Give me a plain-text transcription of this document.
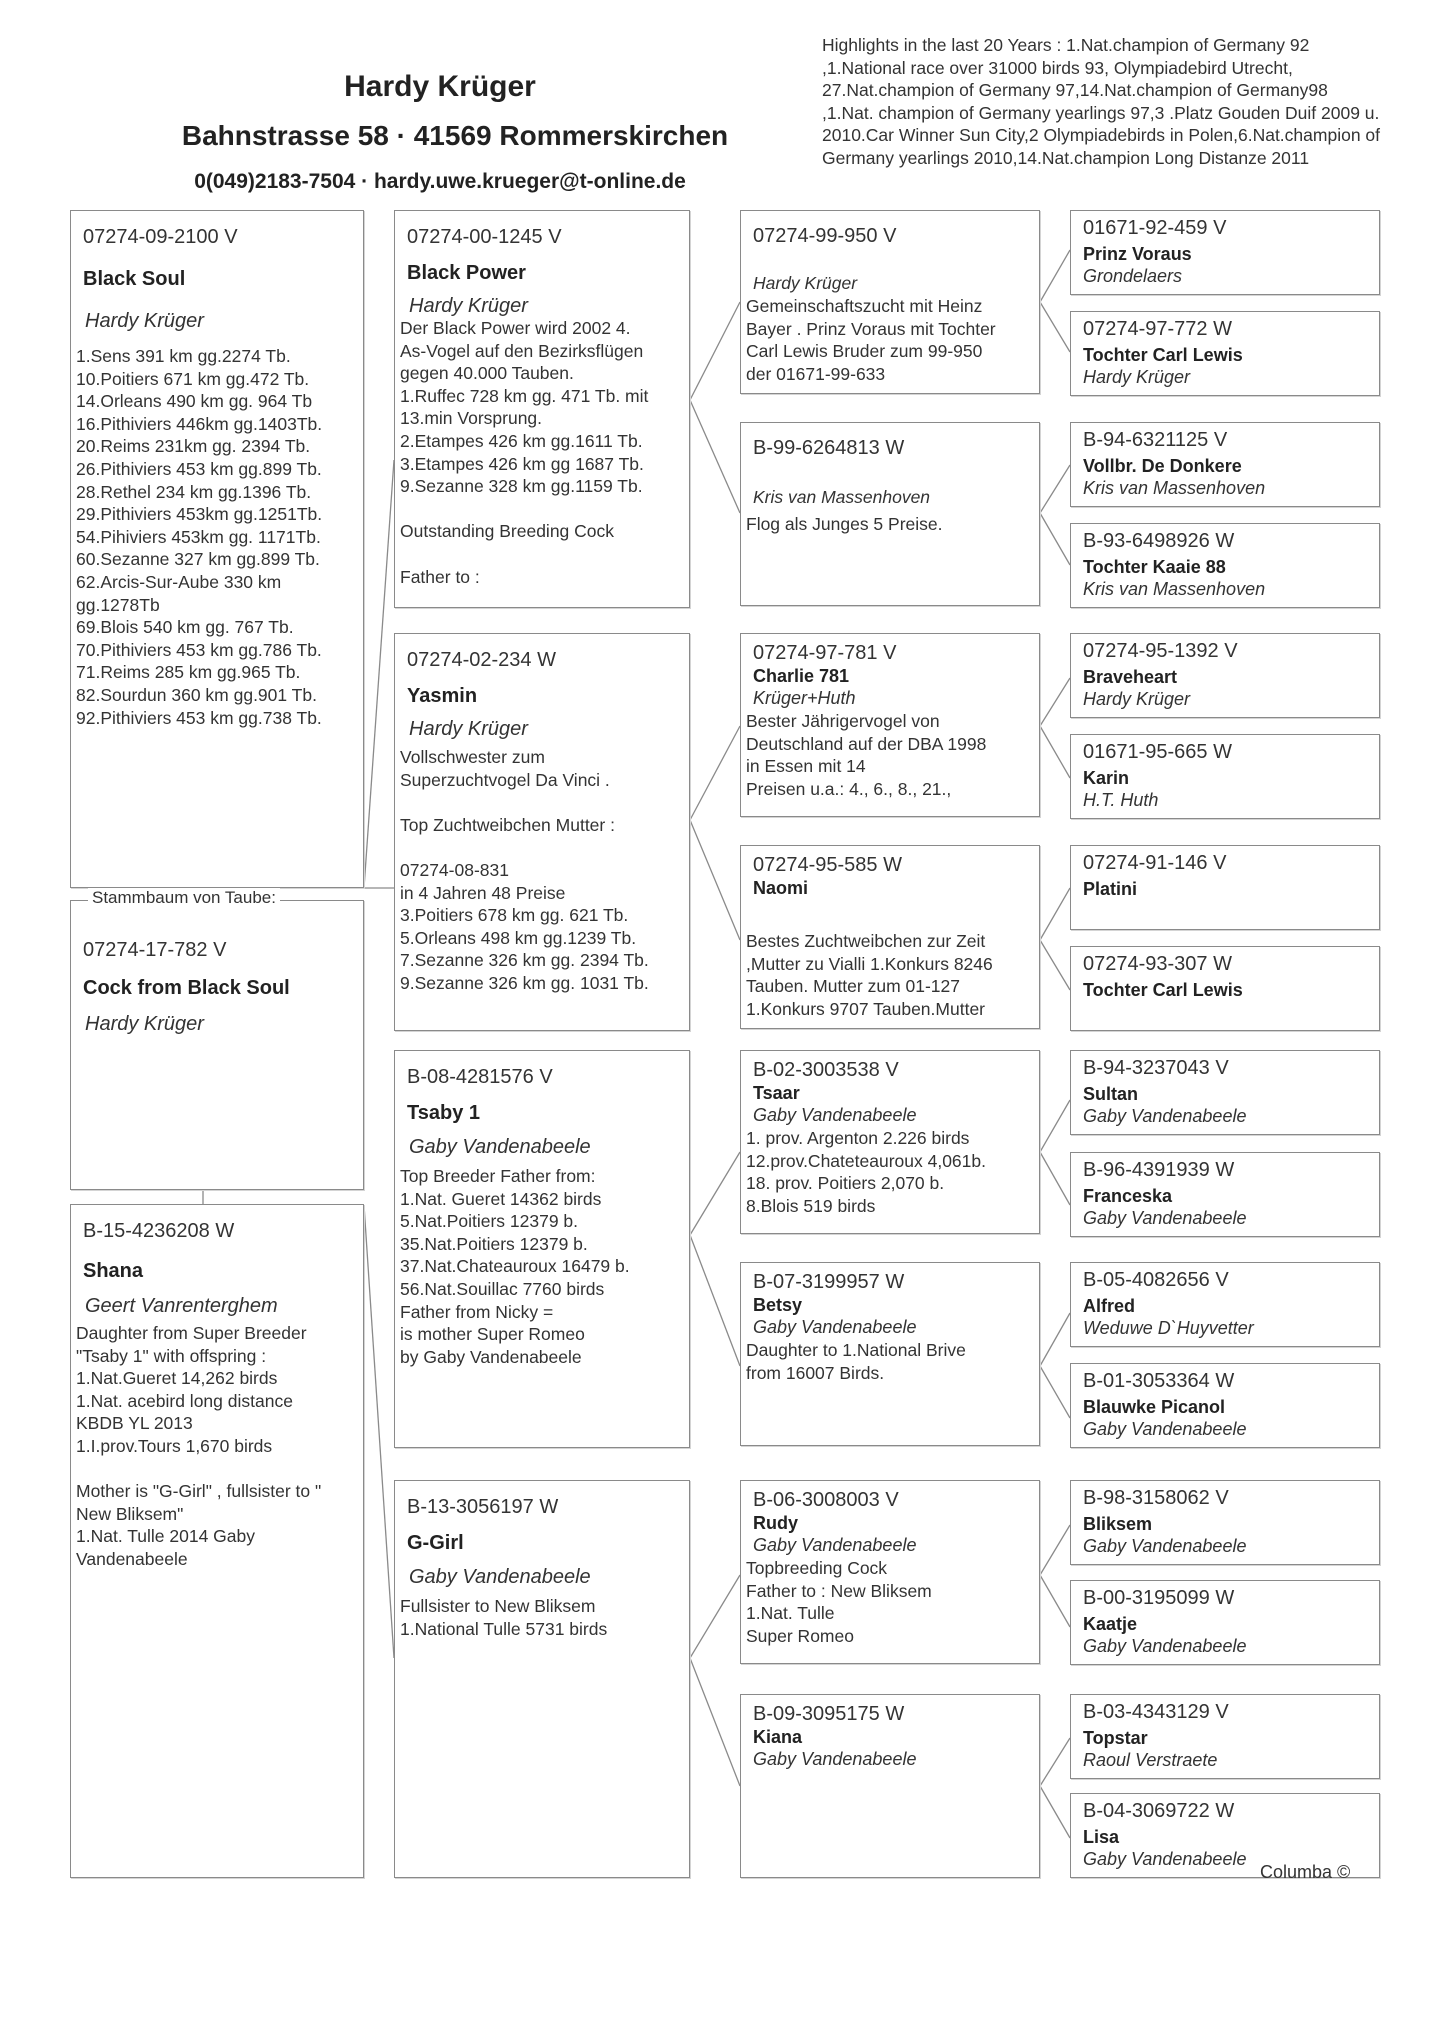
Hardy Krüger
Bahnstrasse 58 · 41569 Rommerskirchen
0(049)2183-7504 · hardy.uwe.krueger@t-online.de
Highlights in the last 20 Years : 1.Nat.champion of Germany 92 ,1.National race over 31000 birds 93, Olympiadebird Utrecht, 27.Nat.champion of Germany 97,14.Nat.champion of Germany98 ,1.Nat. champion of Germany yearlings 97,3 .Platz Gouden Duif 2009 u. 2010.Car Winner Sun City,2 Olympiadebirds in Polen,6.Nat.champion of Germany yearlings 2010,14.Nat.champion Long Distanze 2011
07274-09-2100 V
Black Soul
Hardy Krüger
1.Sens 391 km gg.2274 Tb.
10.Poitiers 671 km gg.472 Tb.
14.Orleans 490 km gg. 964 Tb
16.Pithiviers 446km gg.1403Tb.
20.Reims 231km gg. 2394 Tb.
26.Pithiviers 453 km gg.899 Tb.
28.Rethel 234 km gg.1396 Tb.
29.Pithiviers 453km gg.1251Tb.
54.Pihiviers 453km gg. 1171Tb.
60.Sezanne 327 km gg.899 Tb.
62.Arcis-Sur-Aube 330 km
gg.1278Tb
69.Blois 540 km gg. 767 Tb.
70.Pithiviers 453 km gg.786 Tb.
71.Reims 285 km gg.965 Tb.
82.Sourdun 360 km gg.901 Tb.
92.Pithiviers 453 km gg.738 Tb.
07274-17-782 V
Cock from Black Soul
Hardy Krüger
Stammbaum von Taube:
B-15-4236208 W
Shana
Geert Vanrenterghem
Daughter from Super Breeder
"Tsaby 1" with offspring :
1.Nat.Gueret 14,262 birds
1.Nat. acebird long distance
KBDB YL 2013
1.I.prov.Tours 1,670 birds

Mother is "G-Girl" , fullsister to "
New Bliksem"
1.Nat. Tulle 2014 Gaby
Vandenabeele
07274-00-1245 V
Black Power
Hardy Krüger
Der Black Power wird 2002 4.
As-Vogel auf den Bezirksflügen
gegen 40.000 Tauben.
1.Ruffec 728 km gg. 471 Tb. mit
13.min Vorsprung.
2.Etampes 426 km gg.1611 Tb.
3.Etampes 426 km gg 1687 Tb.
9.Sezanne 328 km gg.1159 Tb.

Outstanding Breeding Cock

Father to :
07274-02-234 W
Yasmin
Hardy Krüger
Vollschwester zum
Superzuchtvogel Da Vinci .

Top Zuchtweibchen Mutter :

07274-08-831
in 4 Jahren 48 Preise
3.Poitiers 678 km gg. 621 Tb.
5.Orleans 498 km gg.1239 Tb.
7.Sezanne 326 km gg. 2394 Tb.
9.Sezanne 326 km gg. 1031 Tb.
B-08-4281576 V
Tsaby 1
Gaby Vandenabeele
Top Breeder Father from:
1.Nat. Gueret 14362 birds
5.Nat.Poitiers 12379 b.
35.Nat.Poitiers 12379 b.
37.Nat.Chateauroux 16479 b.
56.Nat.Souillac 7760 birds
Father from Nicky =
is mother Super Romeo
by Gaby Vandenabeele
B-13-3056197 W
G-Girl
Gaby Vandenabeele
Fullsister to New Bliksem
1.National Tulle 5731 birds
07274-99-950 V
Hardy Krüger
Gemeinschaftszucht mit Heinz
Bayer . Prinz Voraus mit Tochter
Carl Lewis Bruder zum 99-950
der 01671-99-633
B-99-6264813 W
Kris van Massenhoven
Flog als Junges 5 Preise.
07274-97-781 V
Charlie 781
Krüger+Huth
Bester Jährigervogel von
Deutschland auf der DBA 1998
in Essen mit 14
Preisen u.a.: 4., 6., 8., 21.,
07274-95-585 W
Naomi
Bestes Zuchtweibchen zur Zeit
,Mutter zu Vialli 1.Konkurs 8246
Tauben. Mutter zum 01-127
1.Konkurs 9707 Tauben.Mutter
B-02-3003538 V
Tsaar
Gaby Vandenabeele
1. prov. Argenton 2.226 birds
12.prov.Chateteauroux 4,061b.
18. prov. Poitiers 2,070 b.
8.Blois 519 birds
B-07-3199957 W
Betsy
Gaby Vandenabeele
Daughter to 1.National Brive
from 16007 Birds.
B-06-3008003 V
Rudy
Gaby Vandenabeele
Topbreeding Cock
Father to : New Bliksem
1.Nat. Tulle
Super Romeo
B-09-3095175 W
Kiana
Gaby Vandenabeele
01671-92-459 V
Prinz Voraus
Grondelaers
07274-97-772 W
Tochter Carl Lewis
Hardy Krüger
B-94-6321125 V
Vollbr. De Donkere
Kris van Massenhoven
B-93-6498926 W
Tochter Kaaie 88
Kris van Massenhoven
07274-95-1392 V
Braveheart
Hardy Krüger
01671-95-665 W
Karin
H.T. Huth
07274-91-146 V
Platini
07274-93-307 W
Tochter Carl Lewis
B-94-3237043 V
Sultan
Gaby Vandenabeele
B-96-4391939 W
Franceska
Gaby Vandenabeele
B-05-4082656 V
Alfred
Weduwe D`Huyvetter
B-01-3053364 W
Blauwke Picanol
Gaby Vandenabeele
B-98-3158062 V
Bliksem
Gaby Vandenabeele
B-00-3195099 W
Kaatje
Gaby Vandenabeele
B-03-4343129 V
Topstar
Raoul Verstraete
B-04-3069722 W
Lisa
Gaby Vandenabeele
Columba ©
